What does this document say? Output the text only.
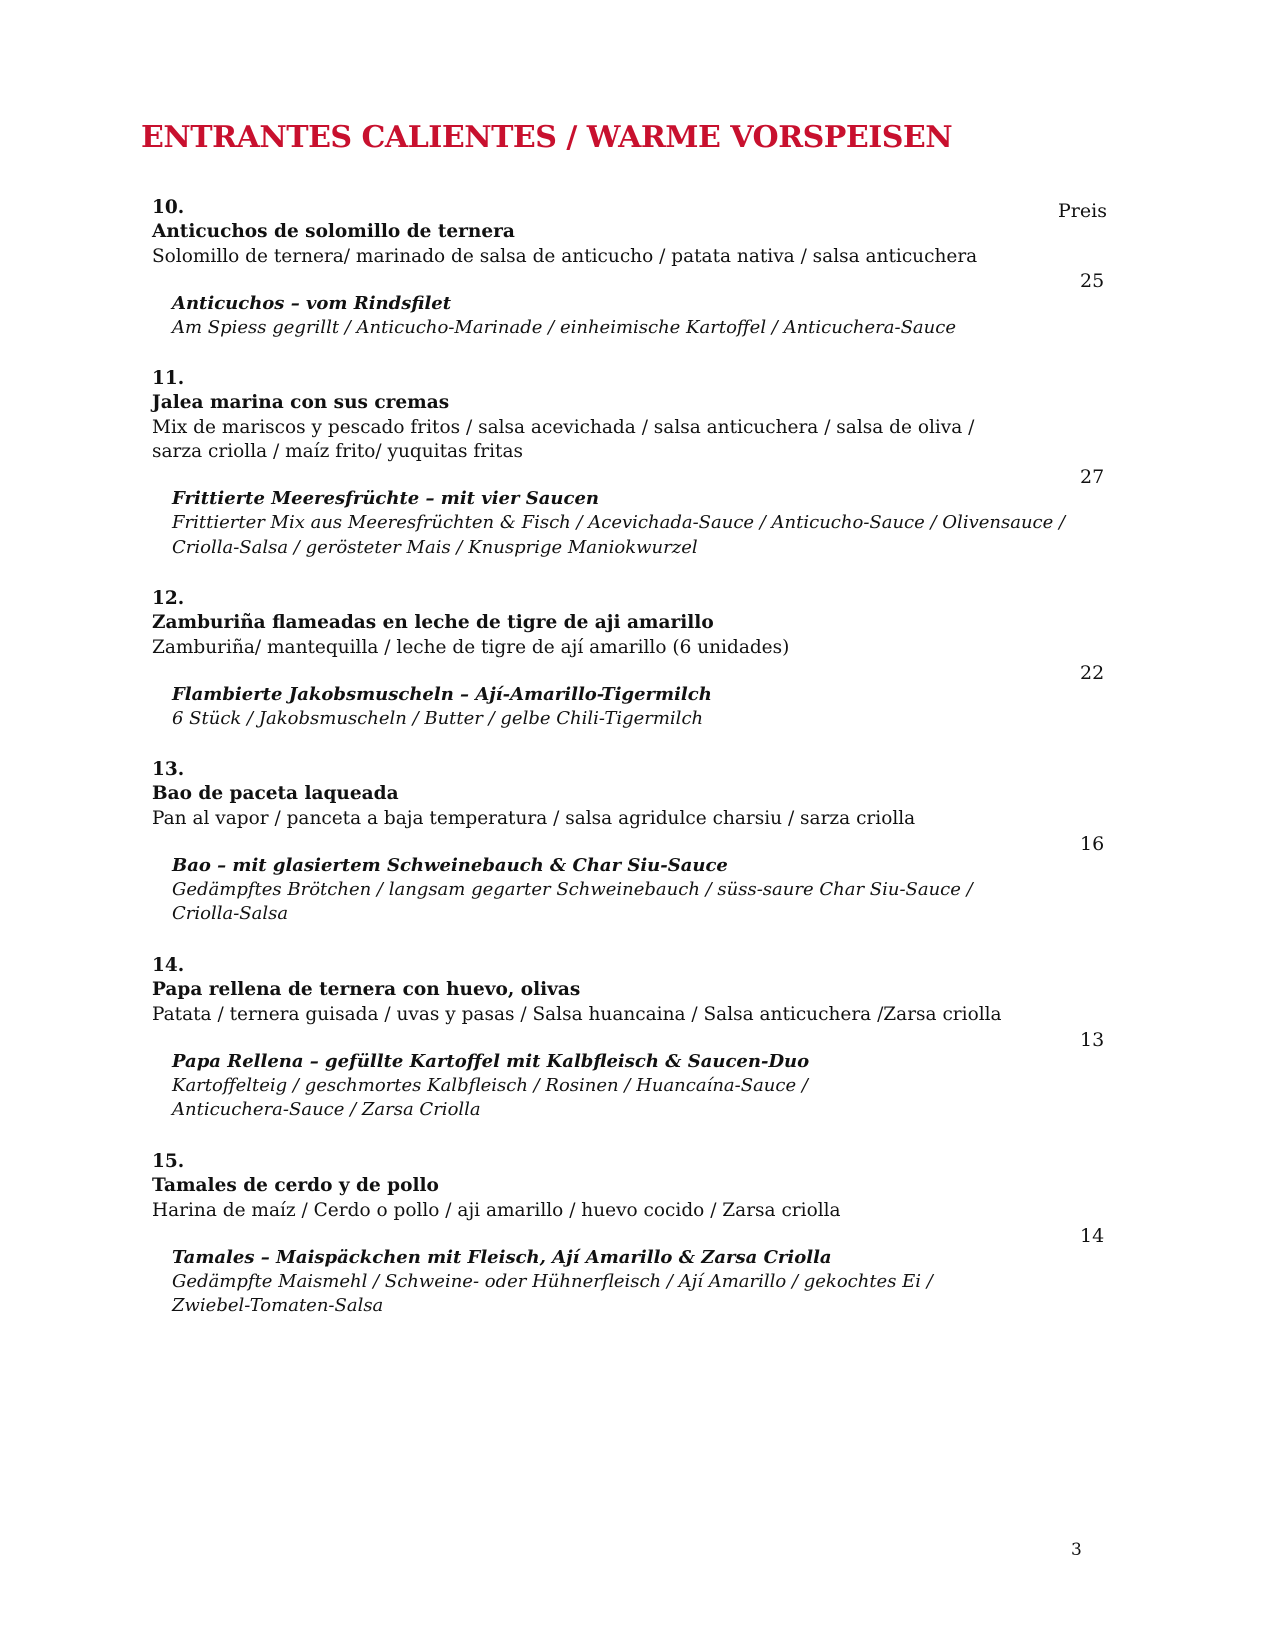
ENTRANTES CALIENTES / WARME VORSPEISEN
Preis
10.
Anticuchos de solomillo de ternera
Solomillo de ternera/ marinado de salsa de anticucho / patata nativa / salsa anticuchera
Anticuchos – vom Rindsfilet
Am Spiess gegrillt / Anticucho-Marinade / einheimische Kartoffel / Anticuchera-Sauce
25
11.
Jalea marina con sus cremas
Mix de mariscos y pescado fritos / salsa acevichada / salsa anticuchera / salsa de oliva /
sarza criolla / maíz frito/ yuquitas fritas
Frittierte Meeresfrüchte – mit vier Saucen
Frittierter Mix aus Meeresfrüchten & Fisch / Acevichada-Sauce / Anticucho-Sauce / Olivensauce /
Criolla-Salsa / gerösteter Mais / Knusprige Maniokwurzel
27
12.
Zamburiña flameadas en leche de tigre de aji amarillo
Zamburiña/ mantequilla / leche de tigre de ají amarillo (6 unidades)
Flambierte Jakobsmuscheln – Ají-Amarillo-Tigermilch
6 Stück / Jakobsmuscheln / Butter / gelbe Chili-Tigermilch
22
13.
Bao de paceta laqueada
Pan al vapor / panceta a baja temperatura / salsa agridulce charsiu / sarza criolla
Bao – mit glasiertem Schweinebauch & Char Siu-Sauce
Gedämpftes Brötchen / langsam gegarter Schweinebauch / süss-saure Char Siu-Sauce /
Criolla-Salsa
16
14.
Papa rellena de ternera con huevo, olivas
Patata / ternera guisada / uvas y pasas / Salsa huancaina / Salsa anticuchera /Zarsa criolla
Papa Rellena – gefüllte Kartoffel mit Kalbfleisch & Saucen-Duo
Kartoffelteig / geschmortes Kalbfleisch / Rosinen / Huancaína-Sauce /
Anticuchera-Sauce / Zarsa Criolla
13
15.
Tamales de cerdo y de pollo
Harina de maíz / Cerdo o pollo / aji amarillo / huevo cocido / Zarsa criolla
Tamales – Maispäckchen mit Fleisch, Ají Amarillo & Zarsa Criolla
Gedämpfte Maismehl / Schweine- oder Hühnerfleisch / Ají Amarillo / gekochtes Ei /
Zwiebel-Tomaten-Salsa
14
3
